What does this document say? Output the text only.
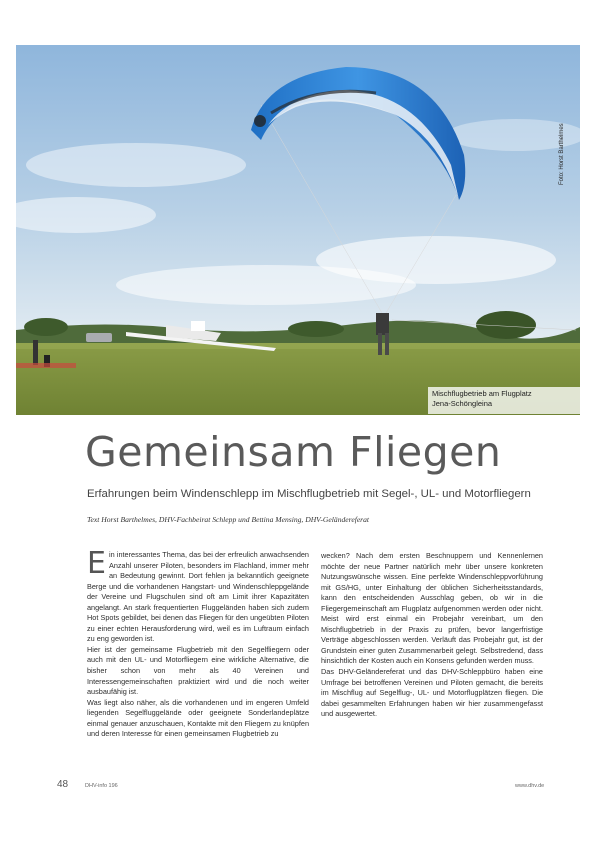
Foto: Horst Barthelmes
Mischflugbetrieb am Flugplatz
Jena-Schöngleina
Gemeinsam Fliegen
Erfahrungen beim Windenschlepp im Mischflugbetrieb mit Segel-, UL- und Motorfliegern
Text Horst Barthelmes, DHV-Fachbeirat Schlepp und Bettina Mensing, DHV-Geländereferat

Ein interessantes Thema, das bei der erfreulich anwachsenden Anzahl unserer Piloten, besonders im Flachland, immer mehr an Bedeutung gewinnt. Dort fehlen ja bekanntlich geeignete Berge und die vorhandenen Hangstart- und Windenschleppgelände der Vereine und Flugschulen sind oft am Limit ihrer Kapazitäten angelangt. An stark frequentierten Fluggeländen haben sich zudem Hot Spots gebildet, bei denen das Fliegen für den ungeübten Piloten zu einer echten Herausforderung wird, weil es im Luftraum einfach zu eng geworden ist.

Hier ist der gemeinsame Flugbetrieb mit den Segelfliegern oder auch mit den UL- und Motorfliegern eine wirkliche Alternative, die bisher schon von mehr als 40 Vereinen und Interessengemeinschaften praktiziert wird und die noch weiter ausbaufähig ist.

Was liegt also näher, als die vorhandenen und im engeren Umfeld liegenden Segelfluggelände oder geeignete Sonderlandeplätze einmal genauer anzuschauen, Kontakte mit den Fliegern zu knüpfen und deren Interesse für einen gemeinsamen Flugbetrieb zu

wecken? Nach dem ersten Beschnuppern und Kennenlernen möchte der neue Partner natürlich mehr über unsere konkreten Nutzungswünsche wissen. Eine perfekte Windenschleppvorführung mit GS/HG, unter Einhaltung der üblichen Sicherheitsstandards, kann den entscheidenden Ausschlag geben, ob wir in die Fliegergemeinschaft am Flugplatz aufgenommen werden oder nicht. Meist wird erst einmal ein Probejahr vereinbart, um den Mischflugbetrieb in der Praxis zu prüfen, bevor langerfristige Verträge abgeschlossen werden. Verläuft das Probejahr gut, ist der Grundstein einer guten Zusammenarbeit gelegt. Selbstredend, dass hinsichtlich der Kosten auch ein Konsens gefunden werden muss.

Das DHV-Geländereferat und das DHV-Schleppbüro haben eine Umfrage bei betroffenen Vereinen und Piloten gemacht, die bereits im Mischflug auf Segelflug-, UL- und Motorflugplätzen fliegen. Die dabei gesammelten Erfahrungen haben wir hier zusammengefasst und ausgewertet.

48	DHV-info 196	www.dhv.de
